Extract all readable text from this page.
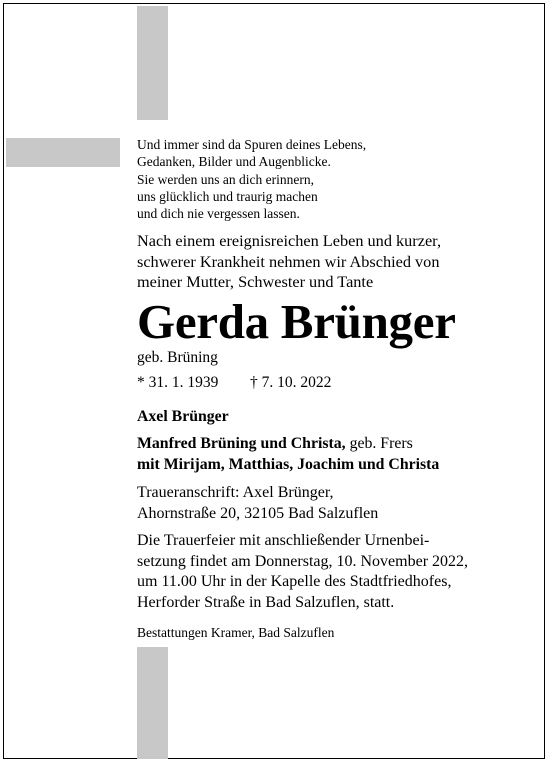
Und immer sind da Spuren deines Lebens,
Gedanken, Bilder und Augenblicke.
Sie werden uns an dich erinnern,
uns glücklich und traurig machen
und dich nie vergessen lassen.
Nach einem ereignisreichen Leben und kurzer,
schwerer Krankheit nehmen wir Abschied von
meiner Mutter, Schwester und Tante
Gerda Brünger
geb. Brüning
* 31. 1. 1939 † 7. 10. 2022
Axel Brünger
Manfred Brüning und Christa, geb. Frers
mit Mirijam, Matthias, Joachim und Christa
Traueranschrift: Axel Brünger,
Ahornstraße 20, 32105 Bad Salzuflen
Die Trauerfeier mit anschließender Urnenbei-
setzung findet am Donnerstag, 10. November 2022,
um 11.00 Uhr in der Kapelle des Stadtfriedhofes,
Herforder Straße in Bad Salzuflen, statt.
Bestattungen Kramer, Bad Salzuflen
